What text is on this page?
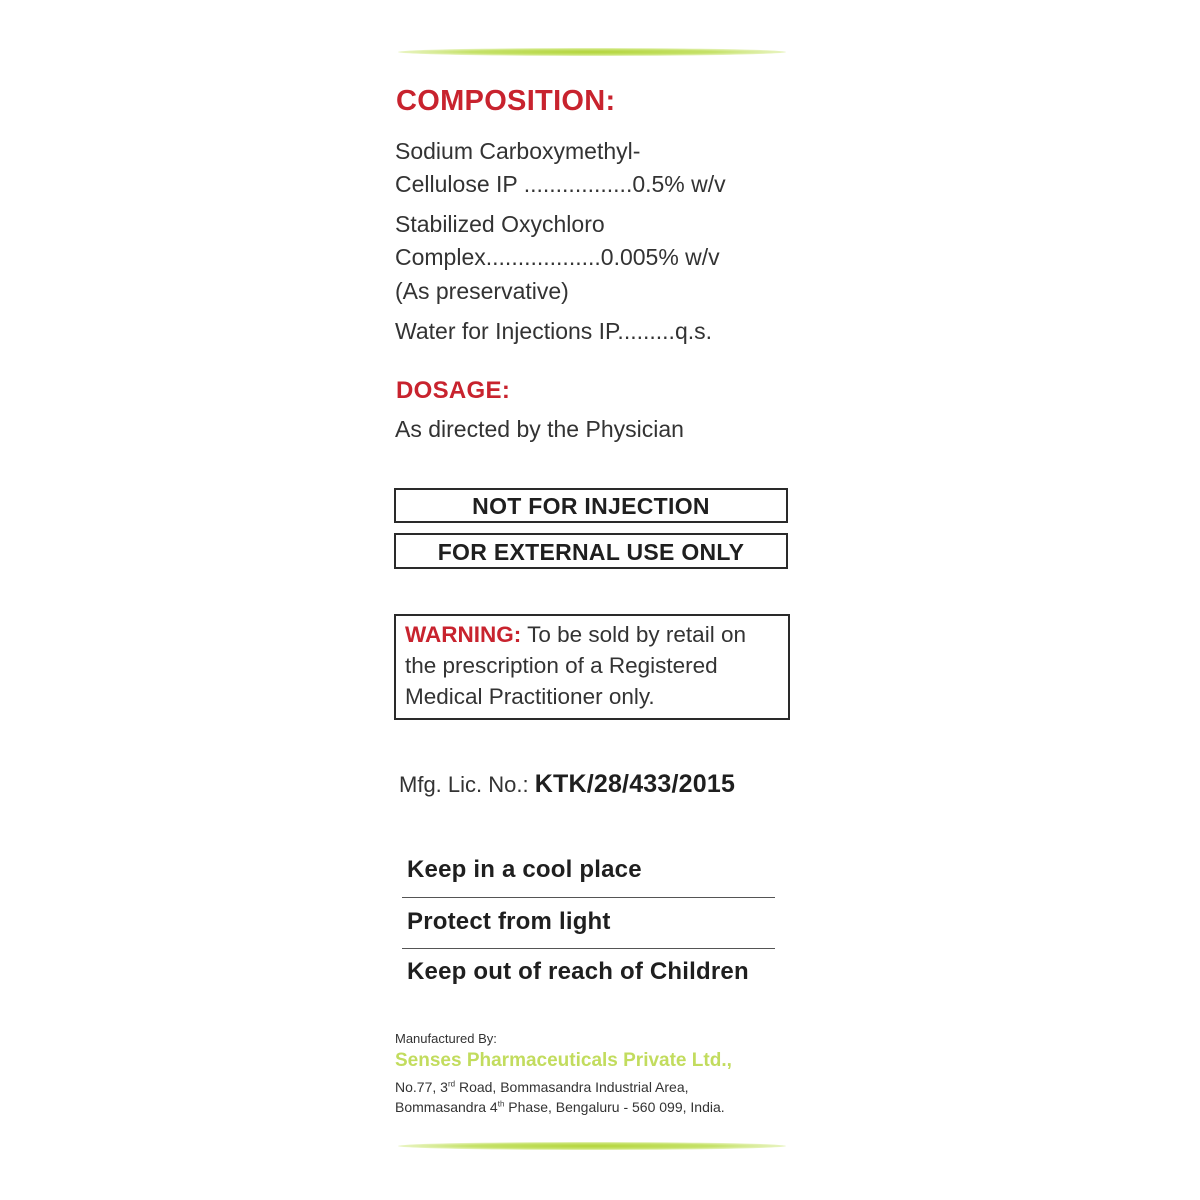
COMPOSITION:
Sodium Carboxymethyl-
Cellulose IP .................0.5% w/v
Stabilized Oxychloro
Complex..................0.005% w/v
(As preservative)
Water for Injections IP.........q.s.
DOSAGE:
As directed by the Physician
NOT FOR INJECTION
FOR EXTERNAL USE ONLY
WARNING: To be sold by retail on the prescription of a Registered Medical Practitioner only.
Mfg. Lic. No.: KTK/28/433/2015
Keep in a cool place
Protect from light
Keep out of reach of Children
Manufactured By:
Senses Pharmaceuticals Private Ltd.,
No.77, 3rd Road, Bommasandra Industrial Area,
Bommasandra 4th Phase, Bengaluru - 560 099, India.
